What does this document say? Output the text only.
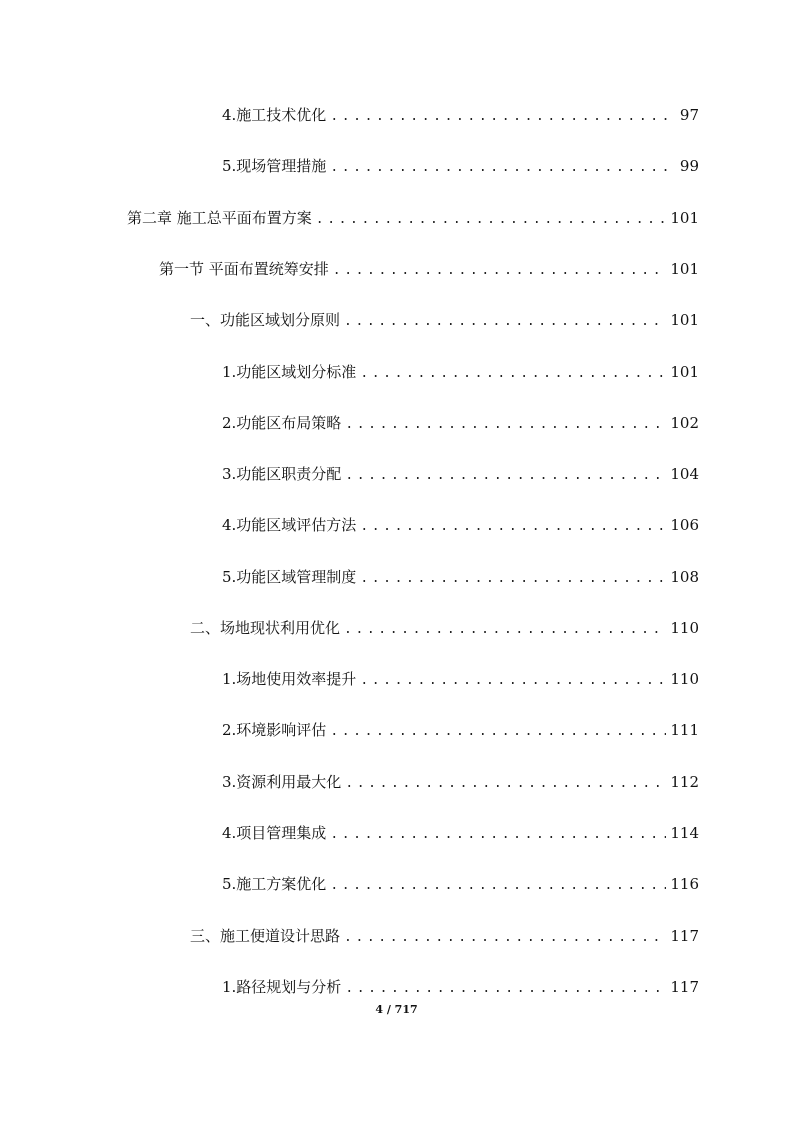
4.施工技术优化 .....	97
5.现场管理措施 .....	99
第二章 施工总平面布置方案 .....	101
第一节 平面布置统筹安排 .....	101
一、功能区域划分原则 .....	101
1.功能区域划分标准 .....	101
2.功能区布局策略 .....	102
3.功能区职责分配 .....	104
4.功能区域评估方法 .....	106
5.功能区域管理制度 .....	108
二、场地现状利用优化 .....	110
1.场地使用效率提升 .....	110
2.环境影响评估 .....	111
3.资源利用最大化 .....	112
4.项目管理集成 .....	114
5.施工方案优化 .....	116
三、施工便道设计思路 .....	117
1.路径规划与分析 .....	117
4 / 717
